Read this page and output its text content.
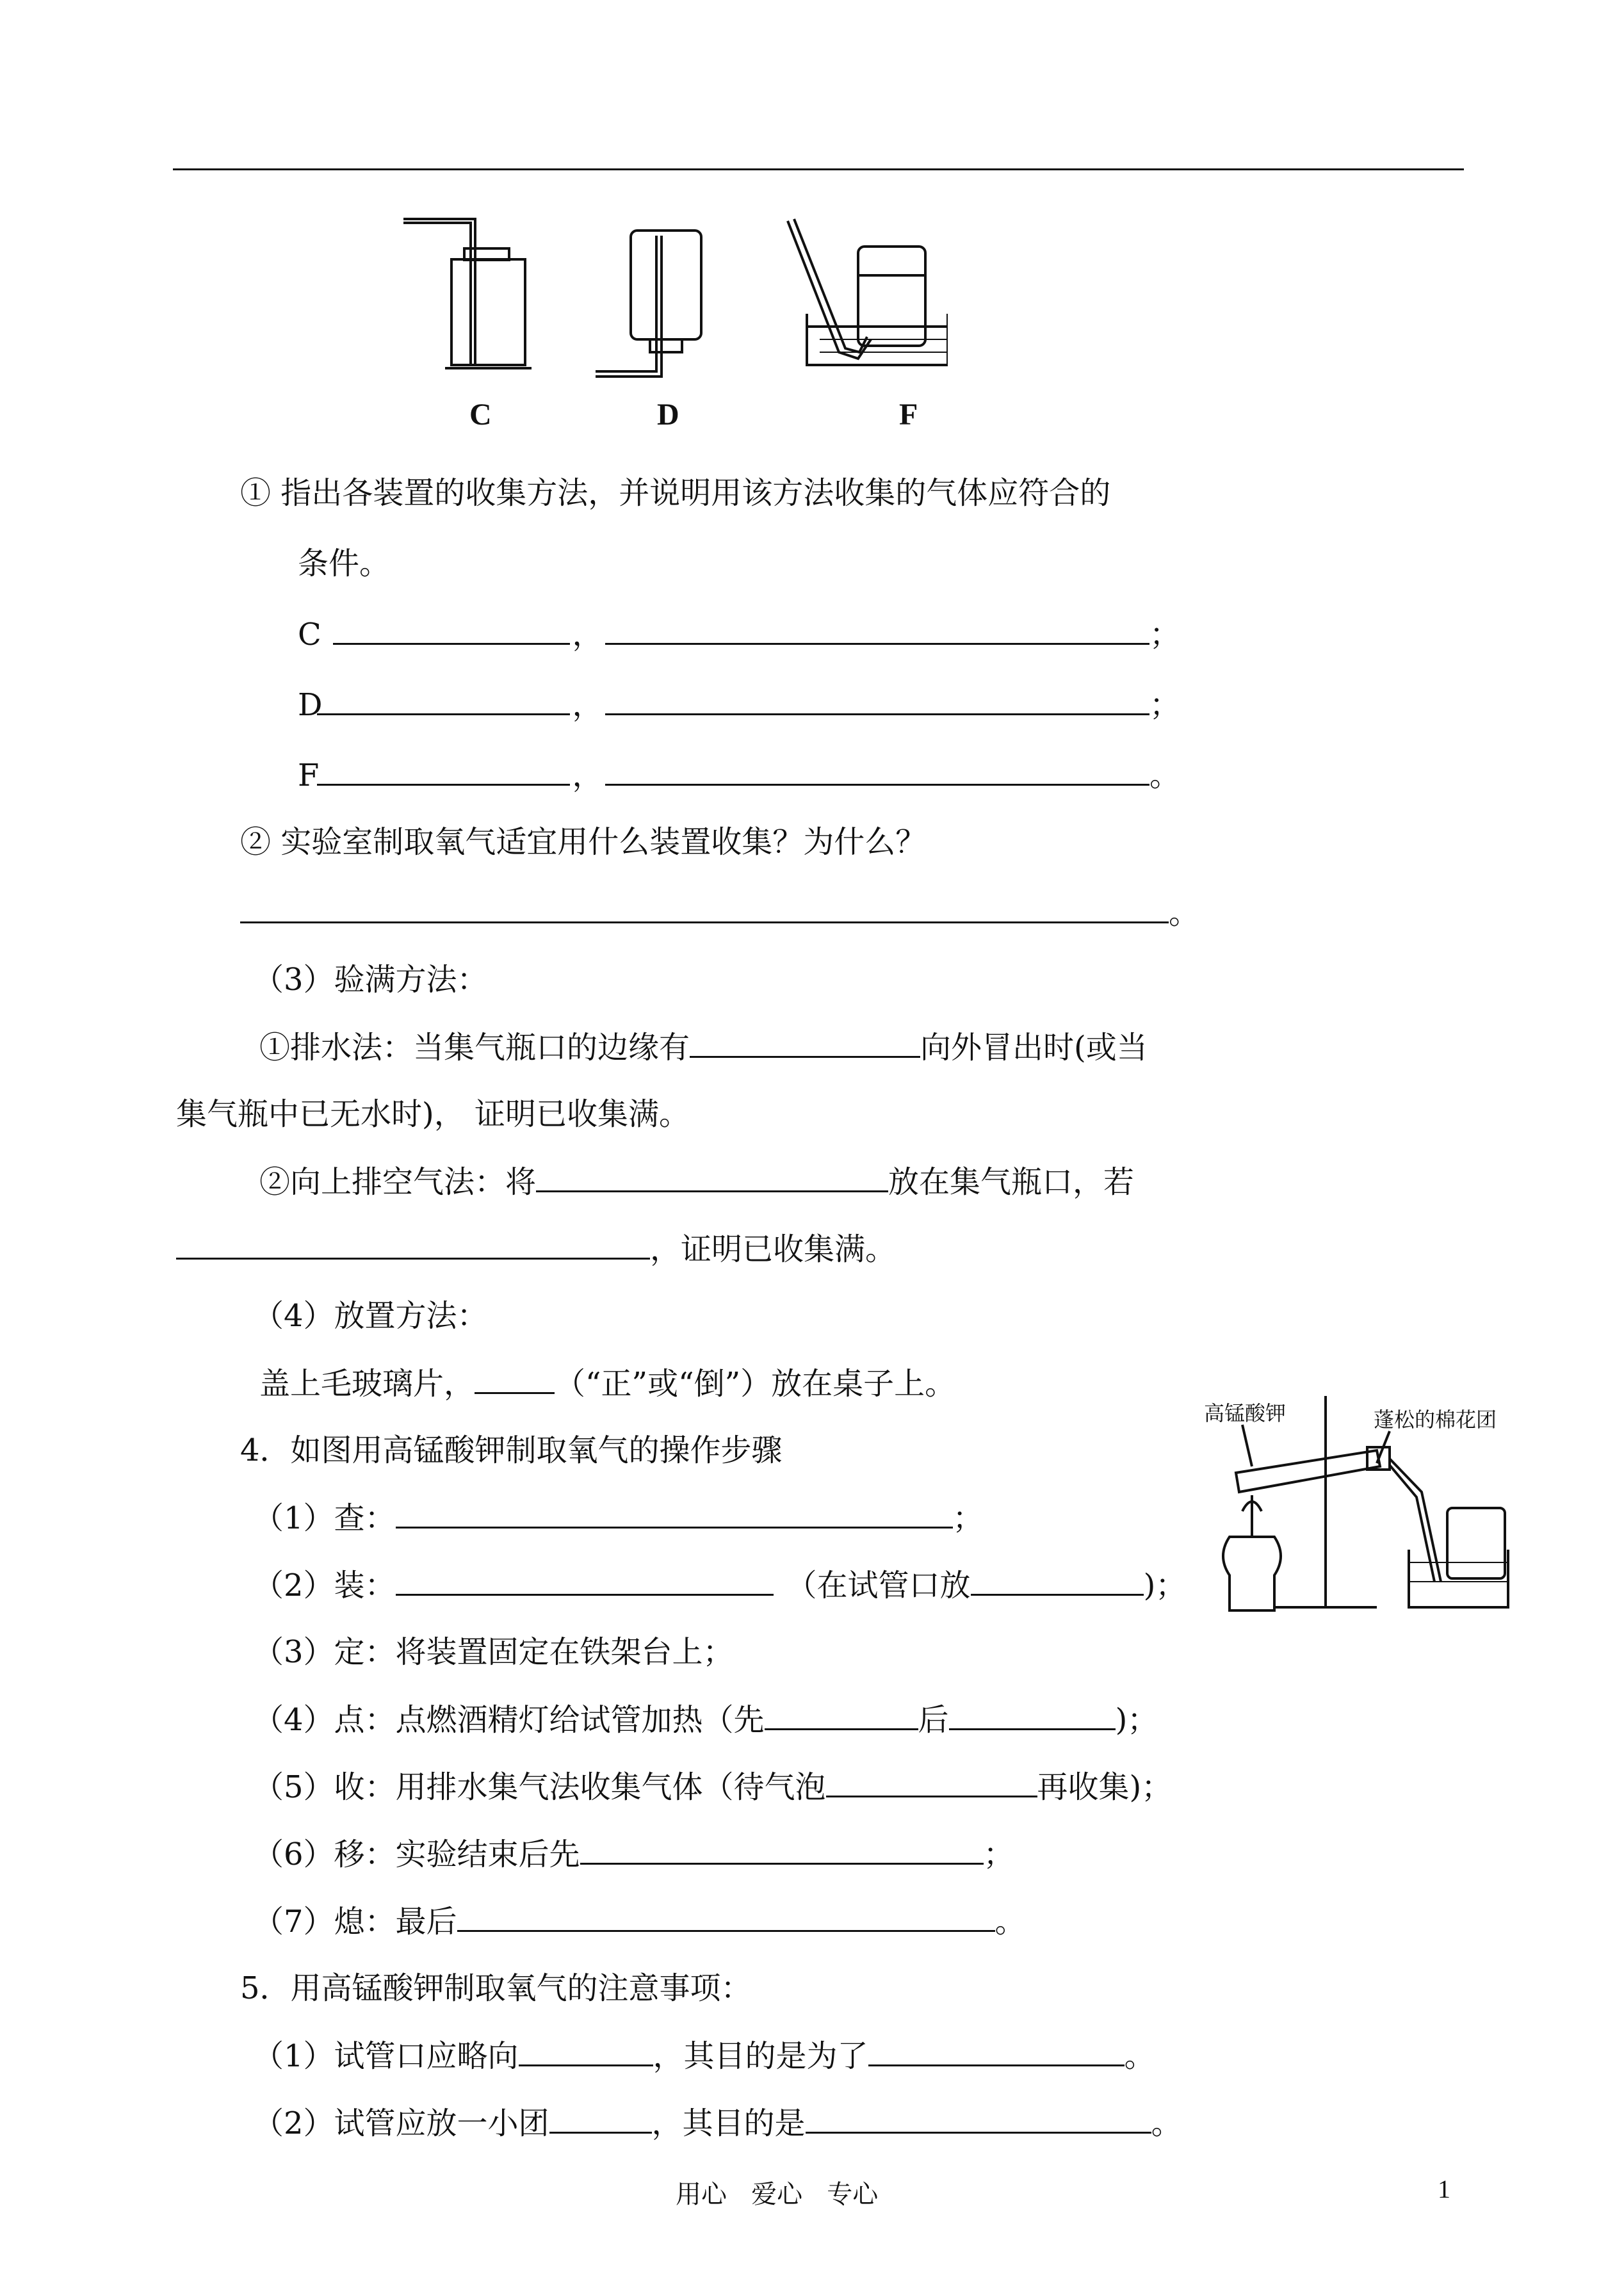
C	D	F
① 指出各装置的收集方法，并说明用该方法收集的气体应符合的
条件。
C	，	；
D	，	；
F	，	。
② 实验室制取氧气适宜用什么装置收集？为什么？
。
（3）验满方法：
①排水法：当集气瓶口的边缘有	向外冒出时(或当
集气瓶中已无水时)， 证明已收集满。
②向上排空气法：将	放在集气瓶口，若
，证明已收集满。
（4）放置方法：
盖上毛玻璃片，	（“正”或“倒”）放在桌子上。
4．如图用高锰酸钾制取氧气的操作步骤
高锰酸钾	蓬松的棉花团
（1）查：	；
（2）装：	（在试管口放	)；
（3）定：将装置固定在铁架台上；
（4）点：点燃酒精灯给试管加热（先	后	)；
（5）收：用排水集气法收集气体（待气泡	再收集)；
（6）移：实验结束后先	；
（7）熄：最后	。
5．用高锰酸钾制取氧气的注意事项：
（1）试管口应略向	，其目的是为了	。
（2）试管应放一小团	，其目的是	。
用心   爱心   专心	1
